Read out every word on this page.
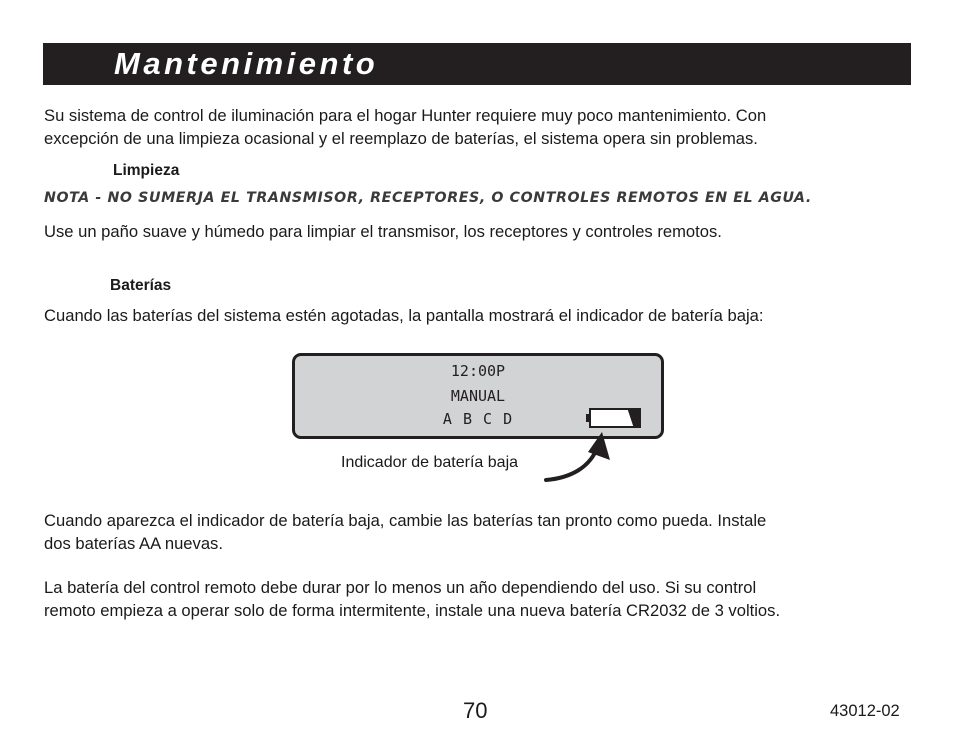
Mantenimiento
Su sistema de control de iluminación para el hogar Hunter requiere muy poco mantenimiento. Con
excepción de una limpieza ocasional y el reemplazo de baterías, el sistema opera sin problemas.
Limpieza
NOTA - NO SUMERJA EL TRANSMISOR, RECEPTORES, O CONTROLES REMOTOS EN EL AGUA.
Use un paño suave y húmedo para limpiar el transmisor, los receptores y controles remotos.
Baterías
Cuando las baterías del sistema estén agotadas, la pantalla mostrará el indicador de batería baja:
12:00P
MANUAL
A B C D
Indicador de batería baja
Cuando aparezca el indicador de batería baja, cambie las baterías tan pronto como pueda. Instale
dos baterías AA nuevas.
La batería del control remoto debe durar por lo menos un año dependiendo del uso. Si su control
remoto empieza a operar solo de forma intermitente, instale una nueva batería CR2032 de 3 voltios.
70	43012-02
